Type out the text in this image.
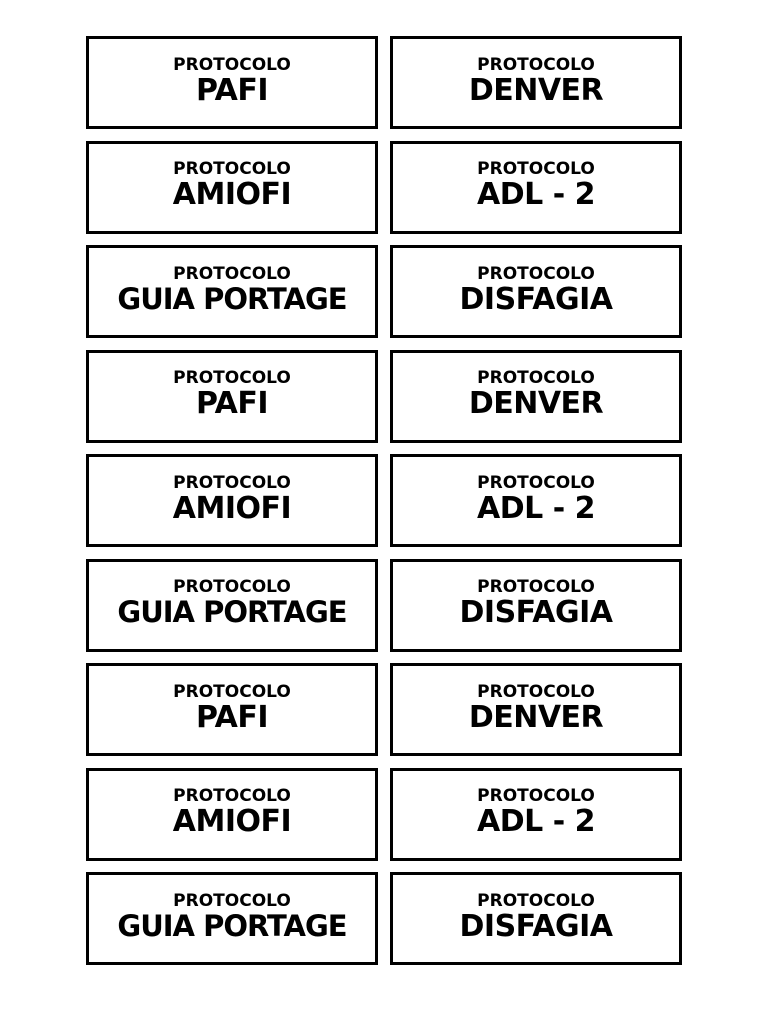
PROTOCOLO
PAFI
PROTOCOLO
DENVER
PROTOCOLO
AMIOFI
PROTOCOLO
ADL - 2
PROTOCOLO
GUIA PORTAGE
PROTOCOLO
DISFAGIA
PROTOCOLO
PAFI
PROTOCOLO
DENVER
PROTOCOLO
AMIOFI
PROTOCOLO
ADL - 2
PROTOCOLO
GUIA PORTAGE
PROTOCOLO
DISFAGIA
PROTOCOLO
PAFI
PROTOCOLO
DENVER
PROTOCOLO
AMIOFI
PROTOCOLO
ADL - 2
PROTOCOLO
GUIA PORTAGE
PROTOCOLO
DISFAGIA
